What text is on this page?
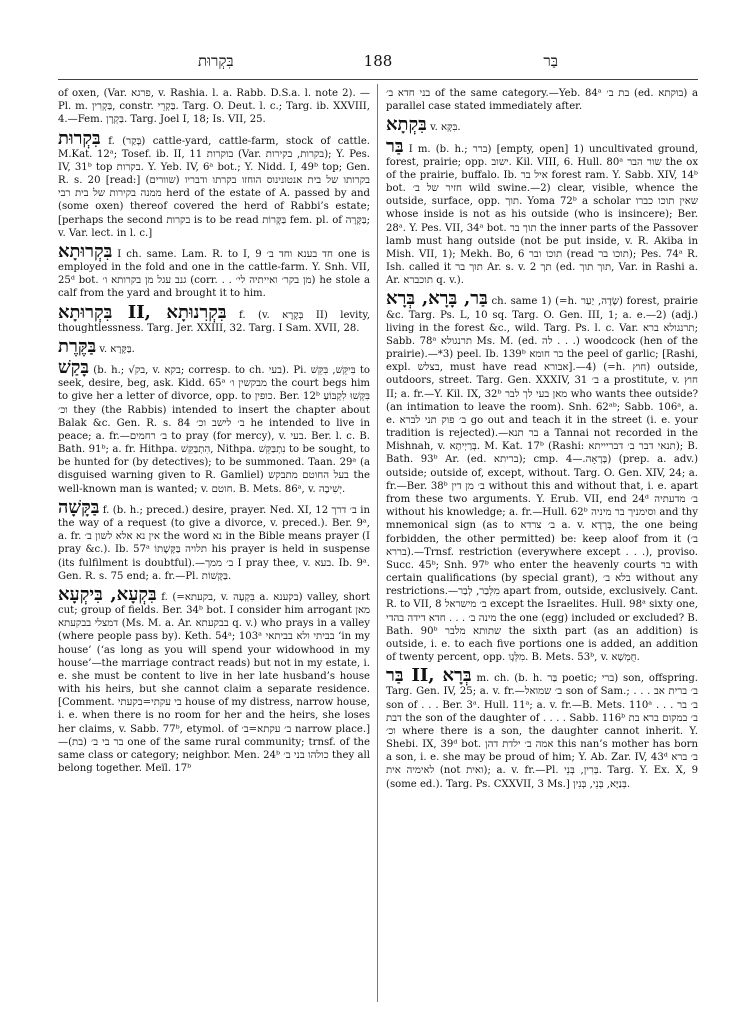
בִּקְרוּת	188	בַּר

of oxen, (Var. פרגא, v. Rashia. l. a. Rabb. D.S.a. l. note 2). —Pl. m. בַּקְרִין, constr. בַּקְרֵי. Targ. O. Deut. l. c.; Targ. ib. XXVIII, 4.—Fem. בַּקְרָן. Targ. Joel I, 18; Is. VII, 25.

בִּקְרוּת f. (בָּקַר) cattle-yard, cattle-farm, stock of cattle. M.Kat. 12ᵃ; Tosef. ib. II, 11 בוקרות (Var. בקרות, בקירות); Y. Pes. IV, 31ᵇ top בקרות. Y. Yeb. IV, 6ᵃ bot.; Y. Nidd. I, 49ᵇ top; Gen. R. s. 20 [read:] בקרותו של בית אנטונינוס הוחזו בקרתו ודבריו (שוורים) ממנה בקירות של בית רבי herd of the estate of A. passed by and (some oxen) thereof covered the herd of Rabbi’s estate; [perhaps the second בקרות is to be read בַּקָּרוֹת fem. pl. of בַּקָּרָה; v. Var. lect. in l. c.]

בִּקְרוּתָא I ch. same. Lam. R. to I, 9 חד בענא וחד ב׳ one is employed in the fold and one in the cattle-farm. Y. Snh. VII, 25ᵈ bot. גנב עגל מן בקרותא ו׳ (corr. . . מן בקר׳ ואייתיה לי׳) he stole a calf from the yard and brought it to him.

בִּקְרוּתָא II, בִּקְרִנוּתָא f. (v. בְּקָרָא II) levity, thoughtlessness. Targ. Jer. XXIII, 32. Targ. I Sam. XVII, 28.

בַּקֶּרֶת v. בַּקָּרָא.

בָּקַשׁ (b. h.; √בק, v. בקא; corresp. to ch. בעי). Pi. בִּיקֵּשׁ, בִּקֵּשׁ to seek, desire, beg, ask. Kidd. 65ᵃ מבקשין ו׳ the court begs him to give her a letter of divorce, opp. to כופין. Ber. 12ᵇ בִּקְּשׁוּ לִקְבּוֹעַ וכ׳ they (the Rabbis) intended to insert the chapter about Balak &c. Gen. R. s. 84 ב׳ לישב וכ׳ he intended to live in peace; a. fr.—ב׳ רחמים to pray (for mercy), v. בעי. Ber. l. c. B. Bath. 91ᵇ; a. fr. Hithpa. הִתְבַּקֵּשׁ, Nithpa. נִתְבַּקֵּשׁ to be sought, to be hunted for (by detectives); to be summoned. Taan. 29ᵃ (a disguised warning given to R. Gamliel) בעל החוטם מתבקש the well-known man is wanted; v. חוטם. B. Mets. 86ᵃ, v. יְשִׁיבָה.

בַּקָּשָׁה f. (b. h.; preced.) desire, prayer. Ned. XI, 12 ב׳ דרך in the way of a request (to give a divorce, v. preced.). Ber. 9ᵃ, a. fr. אין נא אלא לשון ב׳ the word נא in the Bible means prayer (I pray &c.). Ib. 57ᵃ תלויה בַּקָּשָׁתוֹ his prayer is held in suspense (its fulfilment is doubtful).—ב׳ ממך I pray thee, v. בעא. Ib. 9ᵃ. Gen. R. s. 75 end; a. fr.—Pl. בַּקָּשׁוֹת.

בִּקְעָא, בִּיקְעָא f. (=בקעתא, v. בִּקְעָה a. בקענא) valley, short cut; group of fields. Ber. 34ᵇ bot. I consider him arrogant מאן דמצלי בבקעתא (Ms. M. a. Ar. בבקעתא q. v.) who prays in a valley (where people pass by). Keth. 54ᵃ; 103ᵃ בביתי ולא בביתאי ‘in my house’ (‘as long as you will spend your widowhood in my house’—the marriage contract reads) but not in my estate, i. e. she must be content to live in her late husband’s house with his heirs, but she cannot claim a separate residence. [Comment. בי עקתי=בקעתי house of my distress, narrow house, i. e. when there is no room for her and the heirs, she loses her claims, v. Sabb. 77ᵇ, etymol. of ב׳ עקתא=ב׳ narrow place.]—בר בי ב׳ (בת) one of the same rural community; trnsf. of the same class or category; neighbor. Men. 24ᵇ כולהו בני ב׳ they all belong together. Meïl. 17ᵇ

בני חדא ב׳ of the same category.—Yeb. 84ᵃ בת ב׳ (ed. בוקתא) a parallel case stated immediately after.

בִּקְתָא v. בִּקָּא.

בַּר I m. (b. h.; ברר) [empty, open] 1) uncultivated ground, forest, prairie; opp. ישוב. Kil. VIII, 6. Hull. 80ᵃ שור הבר the ox of the prairie, buffalo. Ib. איל בר forest ram. Y. Sabb. XIV, 14ᵇ bot. חזיר של ב׳ wild swine.—2) clear, visible, whence the outside, surface, opp. תוך. Yoma 72ᵇ a scholar שאין תוכו כברו whose inside is not as his outside (who is insincere); Ber. 28ᵃ. Y. Pes. VII, 34ᵃ bot. תוך בר the inner parts of the Passover lamb must hang outside (not be put inside, v. R. Akiba in Mish. VII, 1); Mekh. Bo, 6 תוכו ובר (read תוכו בר); Pes. 74ᵃ R. Ish. called it תוך בר Ar. s. v. תך 2 (ed. תוך תוך, Var. in Rashi a. Ar. תוכברא q. v.).

בַּר, בָּרָא, בְּרָא ch. same 1) (=h. שָׂדֶה, יַעַר) forest, prairie &c. Targ. Ps. L, 10 sq. Targ. O. Gen. III, 1; a. e.—2) (adj.) living in the forest &c., wild. Targ. Ps. l. c. Var. תרנגולא ברא; Sabb. 78ᵃ תרנגולא Ms. M. (ed. לה . . .) woodcock (hen of the prairie).—*3) peel. Ib. 139ᵇ בר חומא the peel of garlic; [Rashi, expl. בצלש, must have read אבורא].—4) (=h. חוץ) outside, outdoors, street. Targ. Gen. XXXIV, 31 ב׳ a prostitute, v. חוץ II; a. fr.—Y. Kil. IX, 32ᵇ מאן בעי לך לבר who wants thee outside? (an intimation to leave the room). Snh. 62ᵃᵇ; Sabb. 106ᵃ, a. e. ב׳ פוק תני לברא go out and teach it in the street (i. e. your tradition is rejected).—בר תנא a Tannai not recorded in the Mishnah, v. בְּרַיְיתָא. M. Kat. 17ᵇ (Rashi: תנאי דבר ב׳ דבריייתא); B. Bath. 93ᵇ Ar. (ed. בריתא); cmp. בָּרָאָה.—4) (prep. a. adv.) outside; outside of, except, without. Targ. O. Gen. XIV, 24; a. fr.—Ber. 38ᵇ ב׳ מן דין without this and without that, i. e. apart from these two arguments. Y. Erub. VII, end 24ᵈ ב׳ מדעתיה without his knowledge; a. fr.—Hull. 62ᵇ וסימניך בר מיניה and thy mnemonical sign (as to ב׳ צרדא a. v. בְּרְדָא, the one being forbidden, the other permitted) be: keep aloof from it (ב׳ בררא).—Trnsf. restriction (everywhere except . . .), proviso. Succ. 45ᵇ; Snh. 97ᵇ who enter the heavenly courts בר with certain qualifications (by special grant), בלא ב׳ without any restrictions.—מִלְּבַר, לְבַר apart from, outside, exclusively. Cant. R. to VII, 8 ב׳ מישראל except the Israelites. Hull. 98ᵃ sixty one, מינה ב׳ . . . חדא דידה בהדי the one (egg) included or excluded? B. Bath. 90ᵇ שתותא מלבר the sixth part (as an addition) is outside, i. e. to each five portions one is added, an addition of twenty percent, opp. מִלְּגָו. B. Mets. 53ᵇ, v. חֻמְשָׁא.

בַּר II, בְּרָא m. ch. (b. h. בַּר poetic; ברי) son, offspring. Targ. Gen. IV, 25; a. v. fr.—ב׳ שמואל son of Sam.; . . . ב׳ ברית אב son of . . . Ber. 3ᵃ. Hull. 11ᵃ; a. v. fr.—B. Mets. 110ᵃ . . . ב׳ בר דבת the son of the daughter of . . . . Sabb. 116ᵇ ב׳ במקום ברא בת וכ׳ where there is a son, the daughter cannot inherit. Y. Shebi. IX, 39ᵈ bot. אמה ב׳ ילדת דהן this nan’s mother has born a son, i. e. she may be proud of him; Y. Ab. Zar. IV, 43ᵈ ב׳ ברא לאימיה אית (not ואית); a. v. fr.—Pl. בְּרִין, בְּנֵי. Targ. Y. Ex. X, 9 (some ed.). Targ. Ps. CXXVII, 3 Ms.] בְּנַיָּא, בְּנֵי, בְּנִין.
